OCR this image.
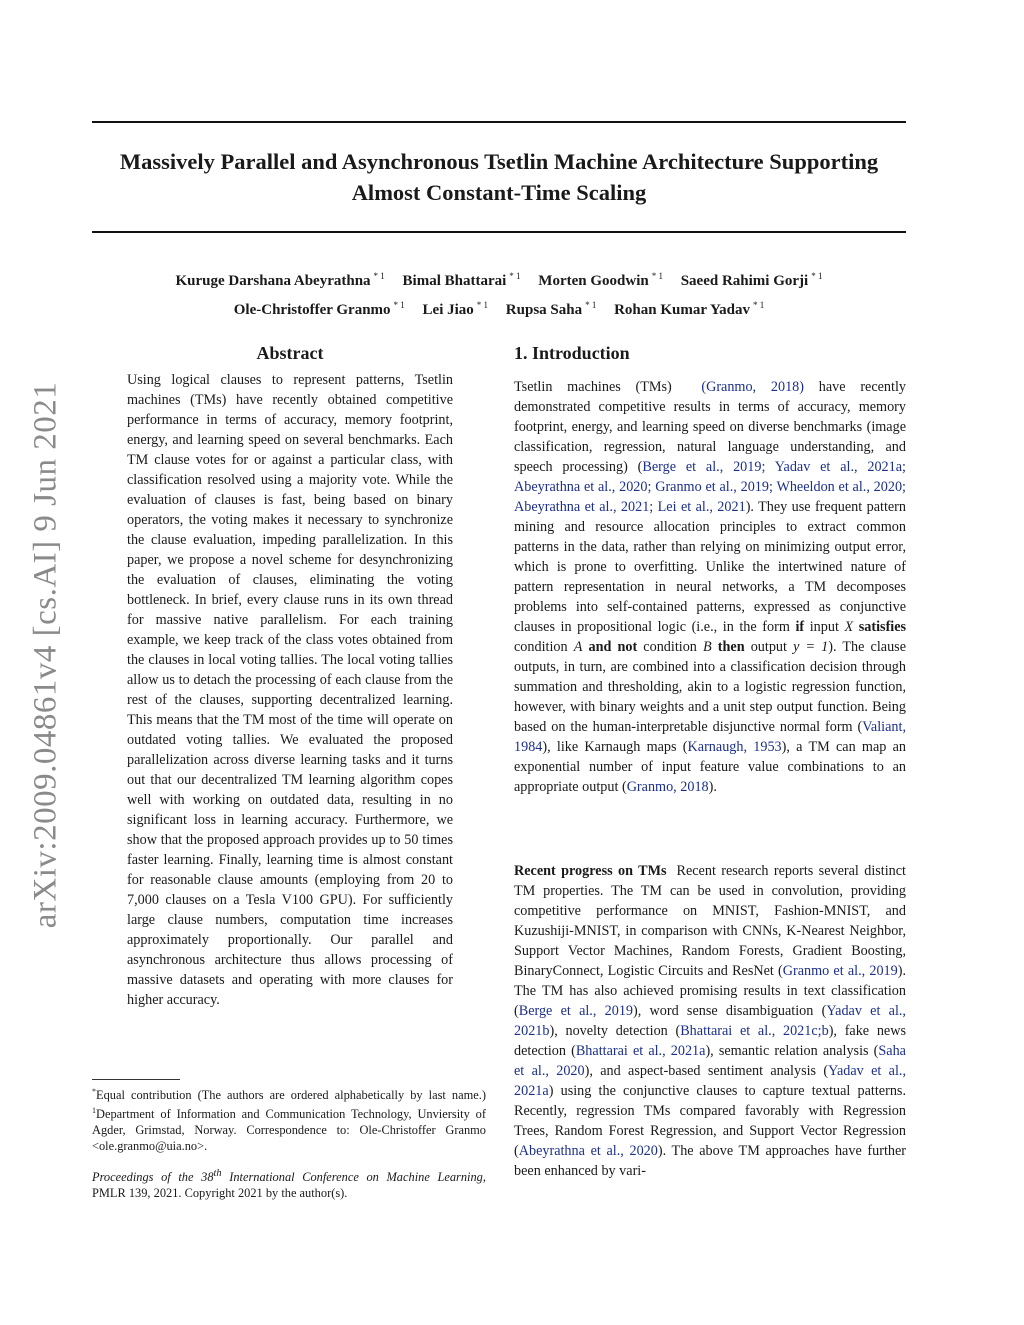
arXiv:2009.04861v4 [cs.AI] 9 Jun 2021
Massively Parallel and Asynchronous Tsetlin Machine Architecture Supporting
Almost Constant-Time Scaling
Kuruge Darshana Abeyrathna $^{* 1}$ Bimal Bhattarai $^{* 1}$ Morten Goodwin $^{* 1}$ Saeed Rahimi Gorji $^{* 1}$
Ole-Christoffer Granmo $^{* 1}$ Lei Jiao $^{* 1}$ Rupsa Saha $^{* 1}$ Rohan Kumar Yadav $^{* 1}$
Abstract

Using logical clauses to represent patterns, Tsetlin machines (TMs) have recently obtained competitive performance in terms of accuracy, memory footprint, energy, and learning speed on several benchmarks. Each TM clause votes for or against a particular class, with classification resolved using a majority vote. While the evaluation of clauses is fast, being based on binary operators, the voting makes it necessary to synchronize the clause evaluation, impeding parallelization. In this paper, we propose a novel scheme for desynchronizing the evaluation of clauses, eliminating the voting bottleneck. In brief, every clause runs in its own thread for massive native parallelism. For each training example, we keep track of the class votes obtained from the clauses in local voting tallies. The local voting tallies allow us to detach the processing of each clause from the rest of the clauses, supporting decentralized learning. This means that the TM most of the time will operate on outdated voting tallies. We evaluated the proposed parallelization across diverse learning tasks and it turns out that our decentralized TM learning algorithm copes well with working on outdated data, resulting in no significant loss in learning accuracy. Furthermore, we show that the proposed approach provides up to 50 times faster learning. Finally, learning time is almost constant for reasonable clause amounts (employing from 20 to 7,000 clauses on a Tesla V100 GPU). For sufficiently large clause numbers, computation time increases approximately proportionally. Our parallel and asynchronous architecture thus allows processing of massive datasets and operating with more clauses for higher accuracy.

*Equal contribution (The authors are ordered alphabetically by last name.) $^1$Department of Information and Communication Technology, Unviersity of Agder, Grimstad, Norway. Correspondence to: Ole-Christoffer Granmo <ole.granmo@uia.no>.

Proceedings of the 38th International Conference on Machine Learning, PMLR 139, 2021. Copyright 2021 by the author(s).

1. Introduction

Tsetlin machines (TMs) (Granmo, 2018) have recently demonstrated competitive results in terms of accuracy, memory footprint, energy, and learning speed on diverse benchmarks (image classification, regression, natural language understanding, and speech processing) (Berge et al., 2019; Yadav et al., 2021a; Abeyrathna et al., 2020; Granmo et al., 2019; Wheeldon et al., 2020; Abeyrathna et al., 2021; Lei et al., 2021). They use frequent pattern mining and resource allocation principles to extract common patterns in the data, rather than relying on minimizing output error, which is prone to overfitting. Unlike the intertwined nature of pattern representation in neural networks, a TM decomposes problems into self-contained patterns, expressed as conjunctive clauses in propositional logic (i.e., in the form if input X satisfies condition A and not condition B then output y = 1). The clause outputs, in turn, are combined into a classification decision through summation and thresholding, akin to a logistic regression function, however, with binary weights and a unit step output function. Being based on the human-interpretable disjunctive normal form (Valiant, 1984), like Karnaugh maps (Karnaugh, 1953), a TM can map an exponential number of input feature value combinations to an appropriate output (Granmo, 2018).

Recent progress on TMs Recent research reports several distinct TM properties. The TM can be used in convolution, providing competitive performance on MNIST, Fashion-MNIST, and Kuzushiji-MNIST, in comparison with CNNs, K-Nearest Neighbor, Support Vector Machines, Random Forests, Gradient Boosting, BinaryConnect, Logistic Circuits and ResNet (Granmo et al., 2019). The TM has also achieved promising results in text classification (Berge et al., 2019), word sense disambiguation (Yadav et al., 2021b), novelty detection (Bhattarai et al., 2021c;b), fake news detection (Bhattarai et al., 2021a), semantic relation analysis (Saha et al., 2020), and aspect-based sentiment analysis (Yadav et al., 2021a) using the conjunctive clauses to capture textual patterns. Recently, regression TMs compared favorably with Regression Trees, Random Forest Regression, and Support Vector Regression (Abeyrathna et al., 2020). The above TM approaches have further been enhanced by vari-
